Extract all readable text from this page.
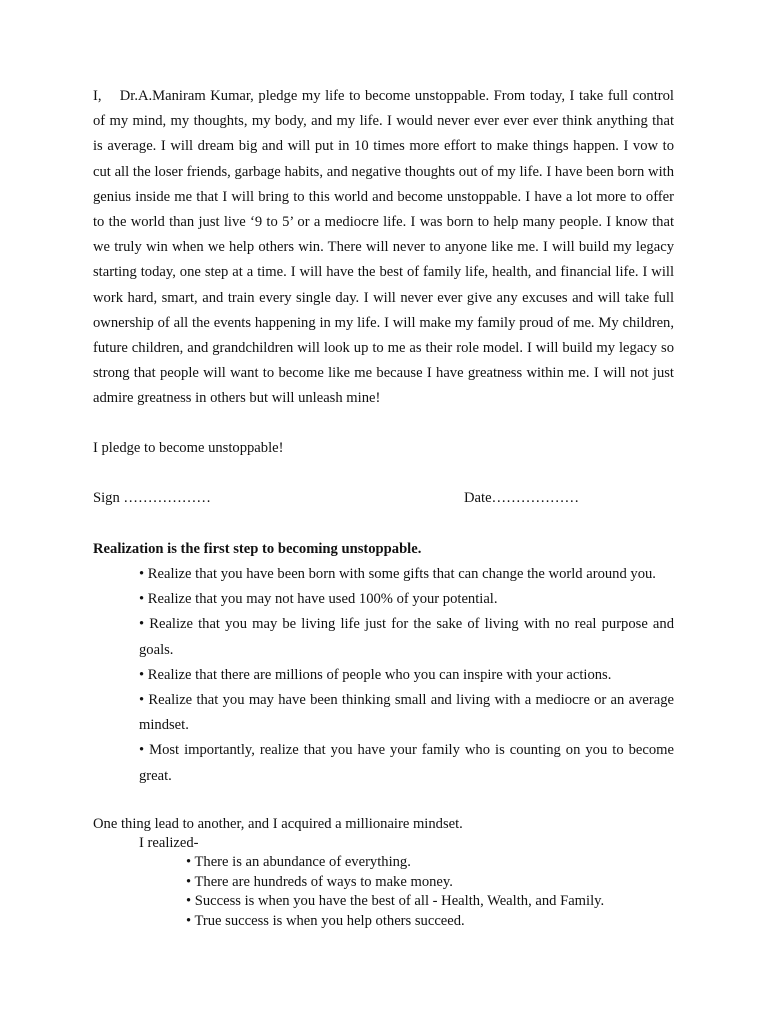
I,    Dr.A.Maniram Kumar, pledge my life to become unstoppable. From today, I take full control of my mind, my thoughts, my body, and my life. I would never ever ever ever think anything that is average. I will dream big and will put in 10 times more effort to make things happen. I vow to cut all the loser friends, garbage habits, and negative thoughts out of my life. I have been born with genius inside me that I will bring to this world and become unstoppable. I have a lot more to offer to the world than just live ‘9 to 5’ or a mediocre life. I was born to help many people. I know that we truly win when we help others win. There will never to anyone like me. I will build my legacy starting today, one step at a time. I will have the best of family life, health, and financial life. I will work hard, smart, and train every single day. I will never ever give any excuses and will take full ownership of all the events happening in my life. I will make my family proud of me. My children, future children, and grandchildren will look up to me as their role model. I will build my legacy so strong that people will want to become like me because I have greatness within me. I will not just admire greatness in others but will unleash mine!

I pledge to become unstoppable!

Sign ………………	Date………………

Realization is the first step to becoming unstoppable.

• Realize that you have been born with some gifts that can change the world around you.
• Realize that you may not have used 100% of your potential.
• Realize that you may be living life just for the sake of living with no real purpose and goals.
• Realize that there are millions of people who you can inspire with your actions.
• Realize that you may have been thinking small and living with a mediocre or an average mindset.
• Most importantly, realize that you have your family who is counting on you to become great.

One thing lead to another, and I acquired a millionaire mindset.

I realized-

• There is an abundance of everything.
• There are hundreds of ways to make money.
• Success is when you have the best of all - Health, Wealth, and Family.
• True success is when you help others succeed.
